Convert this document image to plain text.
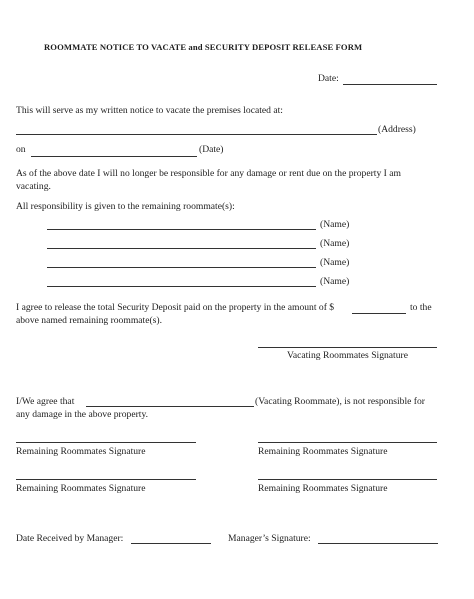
ROOMMATE NOTICE TO VACATE and SECURITY DEPOSIT RELEASE FORM
Date:
This will serve as my written notice to vacate the premises located at:
(Address)
on	(Date)
As of the above date I will no longer be responsible for any damage or rent due on the property I am
vacating.
All responsibility is given to the remaining roommate(s):
(Name)
(Name)
(Name)
(Name)
I agree to release the total Security Deposit paid on the property in the amount of $	to the
above named remaining roommate(s).
Vacating Roommates Signature
I/We agree that	(Vacating Roommate), is not responsible for
any damage in the above property.
Remaining Roommates Signature	Remaining Roommates Signature
Remaining Roommates Signature	Remaining Roommates Signature
Date Received by Manager:	Manager’s Signature:
